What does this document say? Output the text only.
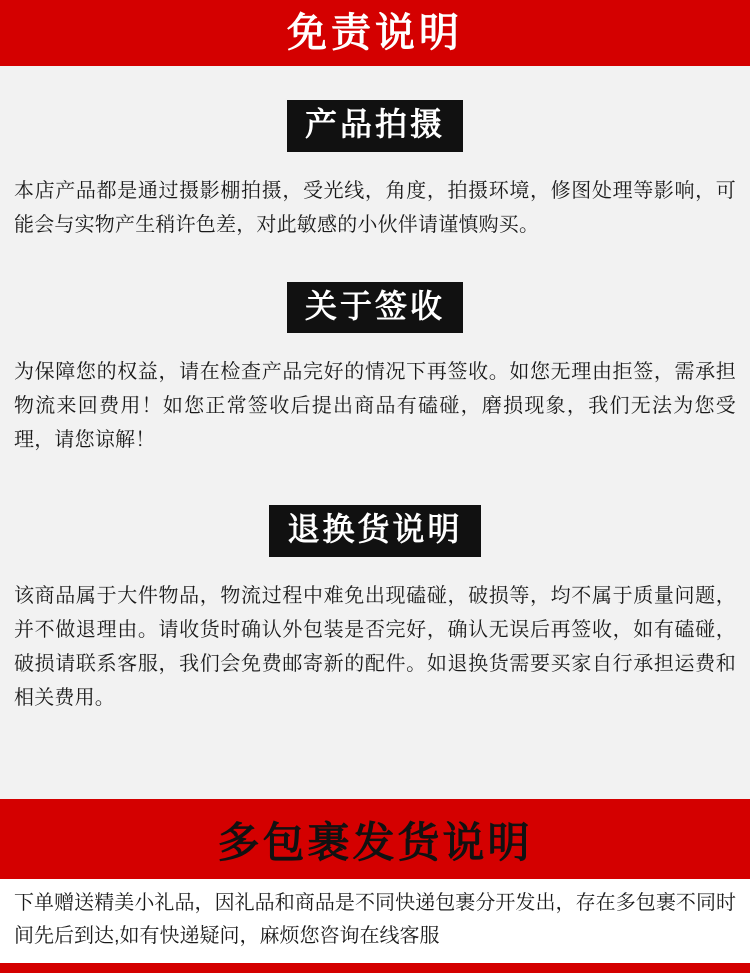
免责说明
产品拍摄
本店产品都是通过摄影棚拍摄，受光线，角度，拍摄环境，修图处理等影响，可能会与实物产生稍许色差，对此敏感的小伙伴请谨慎购买。
关于签收
为保障您的权益，请在检查产品完好的情况下再签收。如您无理由拒签，需承担物流来回费用！如您正常签收后提出商品有磕碰，磨损现象，我们无法为您受理，请您谅解！
退换货说明
该商品属于大件物品，物流过程中难免出现磕碰，破损等，均不属于质量问题，并不做退理由。请收货时确认外包装是否完好，确认无误后再签收，如有磕碰，破损请联系客服，我们会免费邮寄新的配件。如退换货需要买家自行承担运费和相关费用。
多包裹发货说明
下单赠送精美小礼品，因礼品和商品是不同快递包裹分开发出，存在多包裹不同时间先后到达,如有快递疑问，麻烦您咨询在线客服
